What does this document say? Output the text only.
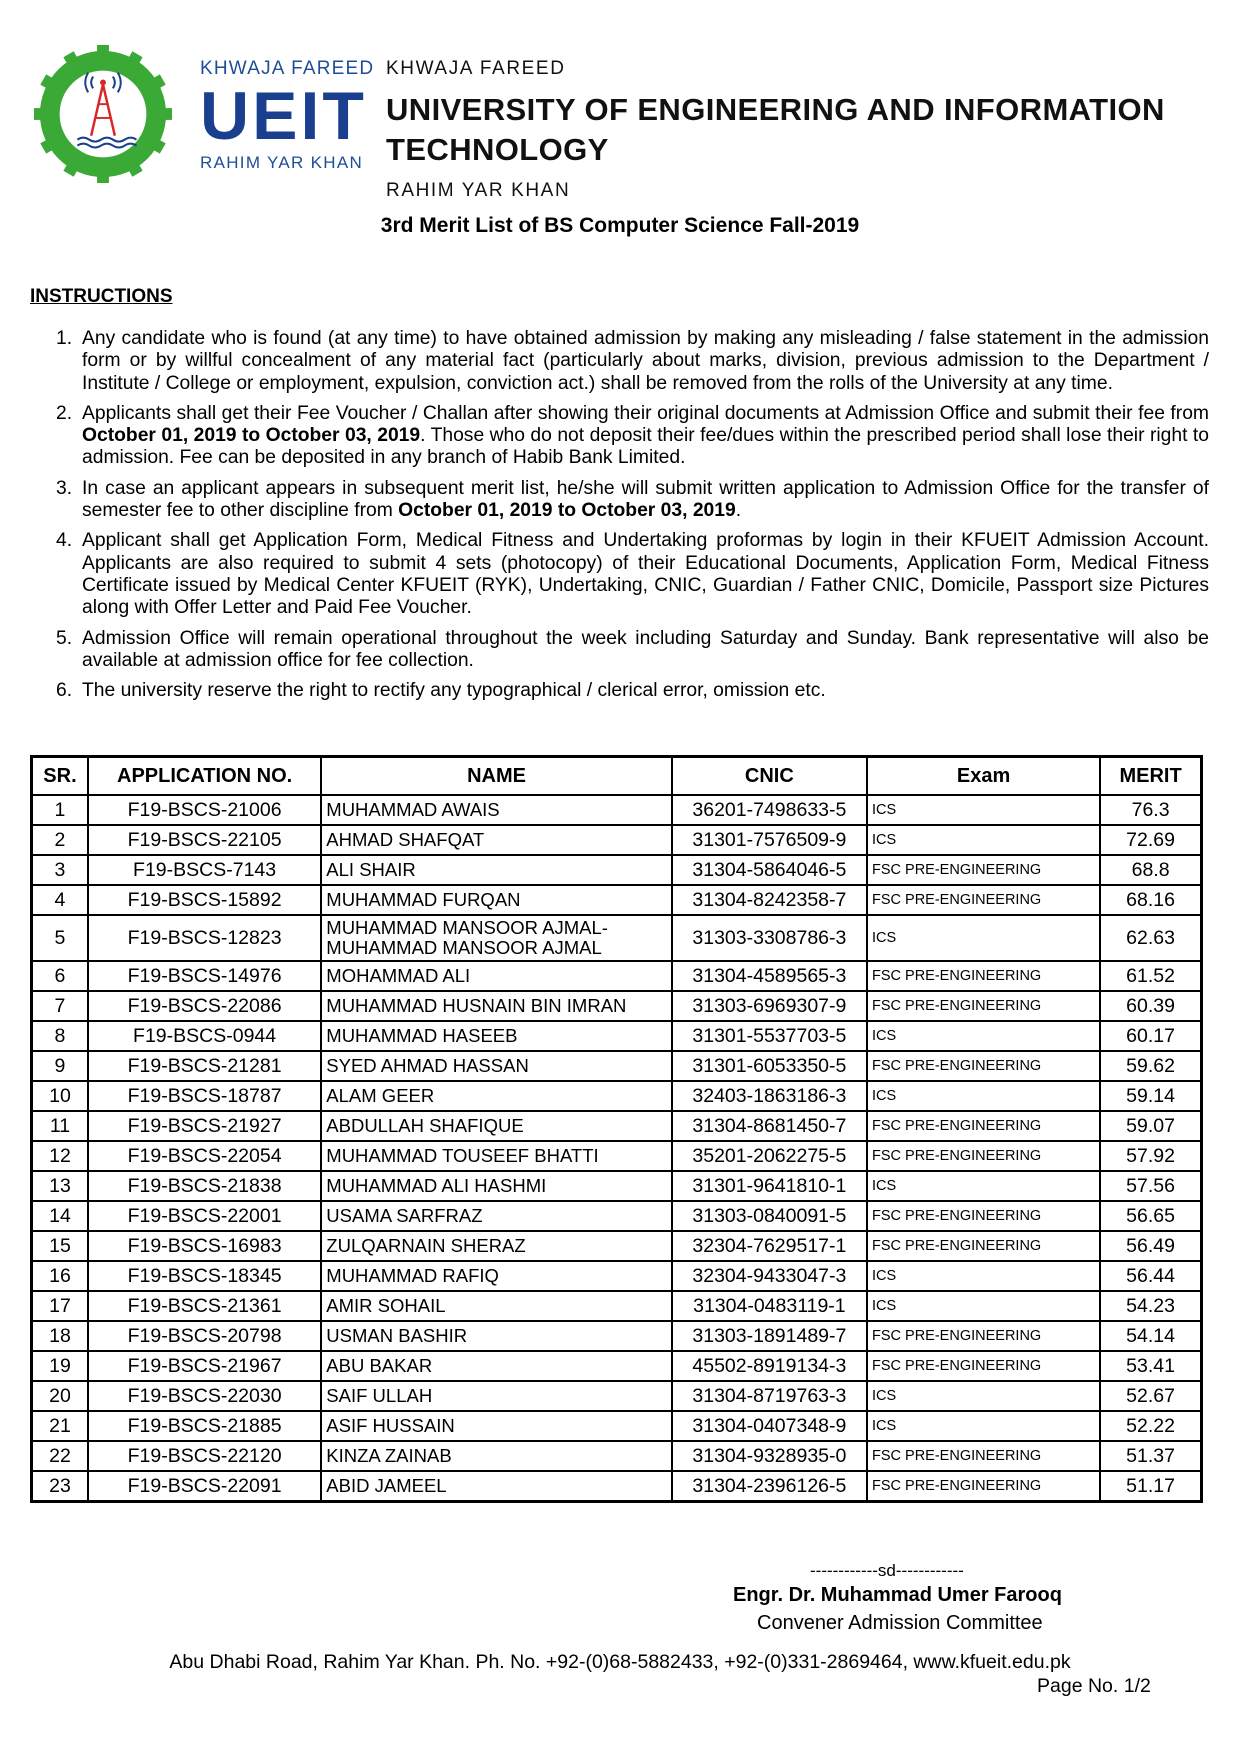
KHWAJA FAREED
UEIT
RAHIM YAR KHAN
KHWAJA FAREED
UNIVERSITY OF ENGINEERING AND INFORMATION TECHNOLOGY
RAHIM YAR KHAN
3rd Merit List of BS Computer Science Fall-2019
INSTRUCTIONS
1. Any candidate who is found (at any time) to have obtained admission by making any misleading / false statement in the admission form or by willful concealment of any material fact (particularly about marks, division, previous admission to the Department / Institute / College or employment, expulsion, conviction act.) shall be removed from the rolls of the University at any time.
2. Applicants shall get their Fee Voucher / Challan after showing their original documents at Admission Office and submit their fee from October 01, 2019 to October 03, 2019. Those who do not deposit their fee/dues within the prescribed period shall lose their right to admission. Fee can be deposited in any branch of Habib Bank Limited.
3. In case an applicant appears in subsequent merit list, he/she will submit written application to Admission Office for the transfer of semester fee to other discipline from October 01, 2019 to October 03, 2019.
4. Applicant shall get Application Form, Medical Fitness and Undertaking proformas by login in their KFUEIT Admission Account. Applicants are also required to submit 4 sets (photocopy) of their Educational Documents, Application Form, Medical Fitness Certificate issued by Medical Center KFUEIT (RYK), Undertaking, CNIC, Guardian / Father CNIC, Domicile, Passport size Pictures along with Offer Letter and Paid Fee Voucher.
5. Admission Office will remain operational throughout the week including Saturday and Sunday. Bank representative will also be available at admission office for fee collection.
6. The university reserve the right to rectify any typographical / clerical error, omission etc.
SR.	APPLICATION NO.	NAME	CNIC	Exam	MERIT
1	F19-BSCS-21006	MUHAMMAD AWAIS	36201-7498633-5	ICS	76.3
2	F19-BSCS-22105	AHMAD SHAFQAT	31301-7576509-9	ICS	72.69
3	F19-BSCS-7143	ALI SHAIR	31304-5864046-5	FSC PRE-ENGINEERING	68.8
4	F19-BSCS-15892	MUHAMMAD FURQAN	31304-8242358-7	FSC PRE-ENGINEERING	68.16
5	F19-BSCS-12823	MUHAMMAD MANSOOR AJMAL-MUHAMMAD MANSOOR AJMAL	31303-3308786-3	ICS	62.63
6	F19-BSCS-14976	MOHAMMAD ALI	31304-4589565-3	FSC PRE-ENGINEERING	61.52
7	F19-BSCS-22086	MUHAMMAD HUSNAIN BIN IMRAN	31303-6969307-9	FSC PRE-ENGINEERING	60.39
8	F19-BSCS-0944	MUHAMMAD HASEEB	31301-5537703-5	ICS	60.17
9	F19-BSCS-21281	SYED AHMAD HASSAN	31301-6053350-5	FSC PRE-ENGINEERING	59.62
10	F19-BSCS-18787	ALAM GEER	32403-1863186-3	ICS	59.14
11	F19-BSCS-21927	ABDULLAH SHAFIQUE	31304-8681450-7	FSC PRE-ENGINEERING	59.07
12	F19-BSCS-22054	MUHAMMAD TOUSEEF BHATTI	35201-2062275-5	FSC PRE-ENGINEERING	57.92
13	F19-BSCS-21838	MUHAMMAD ALI HASHMI	31301-9641810-1	ICS	57.56
14	F19-BSCS-22001	USAMA SARFRAZ	31303-0840091-5	FSC PRE-ENGINEERING	56.65
15	F19-BSCS-16983	ZULQARNAIN SHERAZ	32304-7629517-1	FSC PRE-ENGINEERING	56.49
16	F19-BSCS-18345	MUHAMMAD RAFIQ	32304-9433047-3	ICS	56.44
17	F19-BSCS-21361	AMIR SOHAIL	31304-0483119-1	ICS	54.23
18	F19-BSCS-20798	USMAN BASHIR	31303-1891489-7	FSC PRE-ENGINEERING	54.14
19	F19-BSCS-21967	ABU BAKAR	45502-8919134-3	FSC PRE-ENGINEERING	53.41
20	F19-BSCS-22030	SAIF ULLAH	31304-8719763-3	ICS	52.67
21	F19-BSCS-21885	ASIF HUSSAIN	31304-0407348-9	ICS	52.22
22	F19-BSCS-22120	KINZA ZAINAB	31304-9328935-0	FSC PRE-ENGINEERING	51.37
23	F19-BSCS-22091	ABID JAMEEL	31304-2396126-5	FSC PRE-ENGINEERING	51.17
------------sd------------
Engr. Dr. Muhammad Umer Farooq
Convener Admission Committee
Abu Dhabi Road, Rahim Yar Khan. Ph. No. +92-(0)68-5882433, +92-(0)331-2869464, www.kfueit.edu.pk
Page No. 1/2
